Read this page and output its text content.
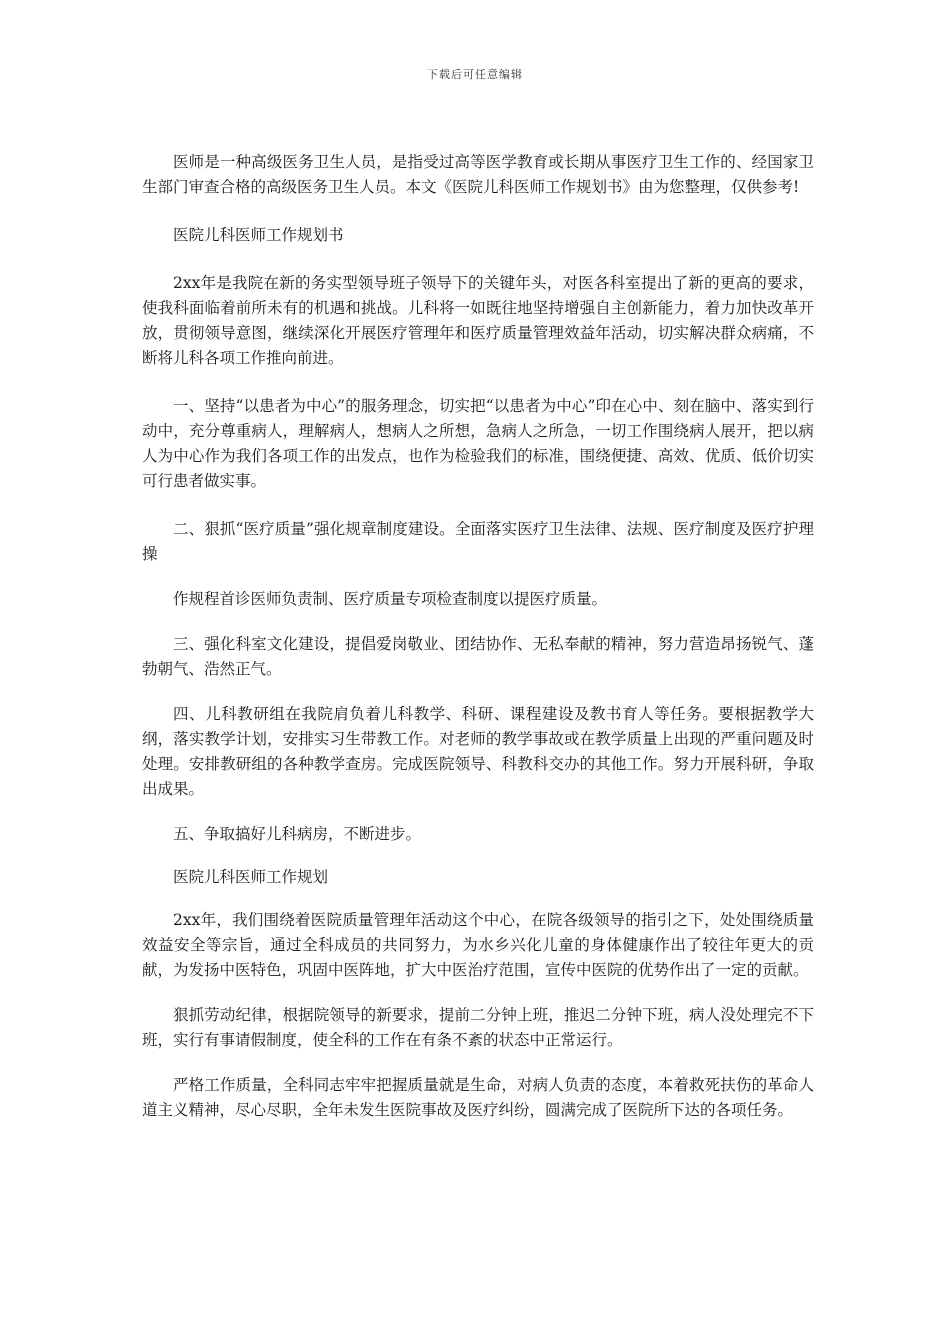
下载后可任意编辑

医师是一种高级医务卫生人员，是指受过高等医学教育或长期从事医疗卫生工作的、经国家卫生部门审查合格的高级医务卫生人员。本文《医院儿科医师工作规划书》由为您整理，仅供参考!

医院儿科医师工作规划书

2xx年是我院在新的务实型领导班子领导下的关键年头，对医各科室提出了新的更高的要求，使我科面临着前所未有的机遇和挑战。儿科将一如既往地坚持增强自主创新能力，着力加快改革开放，贯彻领导意图，继续深化开展医疗管理年和医疗质量管理效益年活动，切实解决群众病痛，不断将儿科各项工作推向前进。

一、坚持“以患者为中心”的服务理念，切实把“以患者为中心”印在心中、刻在脑中、落实到行动中，充分尊重病人，理解病人，想病人之所想，急病人之所急，一切工作围绕病人展开，把以病人为中心作为我们各项工作的出发点，也作为检验我们的标准，围绕便捷、高效、优质、低价切实可行患者做实事。

二、狠抓“医疗质量”强化规章制度建设。全面落实医疗卫生法律、法规、医疗制度及医疗护理操

作规程首诊医师负责制、医疗质量专项检查制度以提医疗质量。

三、强化科室文化建设，提倡爱岗敬业、团结协作、无私奉献的精神，努力营造昂扬锐气、蓬勃朝气、浩然正气。

四、儿科教研组在我院肩负着儿科教学、科研、课程建设及教书育人等任务。要根据教学大纲，落实教学计划，安排实习生带教工作。对老师的教学事故或在教学质量上出现的严重问题及时处理。安排教研组的各种教学查房。完成医院领导、科教科交办的其他工作。努力开展科研，争取出成果。

五、争取搞好儿科病房，不断进步。

医院儿科医师工作规划

2xx年，我们围绕着医院质量管理年活动这个中心，在院各级领导的指引之下，处处围绕质量效益安全等宗旨，通过全科成员的共同努力，为水乡兴化儿童的身体健康作出了较往年更大的贡献，为发扬中医特色，巩固中医阵地，扩大中医治疗范围，宣传中医院的优势作出了一定的贡献。

狠抓劳动纪律，根据院领导的新要求，提前二分钟上班，推迟二分钟下班，病人没处理完不下班，实行有事请假制度，使全科的工作在有条不紊的状态中正常运行。

严格工作质量，全科同志牢牢把握质量就是生命，对病人负责的态度，本着救死扶伤的革命人道主义精神，尽心尽职，全年未发生医院事故及医疗纠纷，圆满完成了医院所下达的各项任务。
